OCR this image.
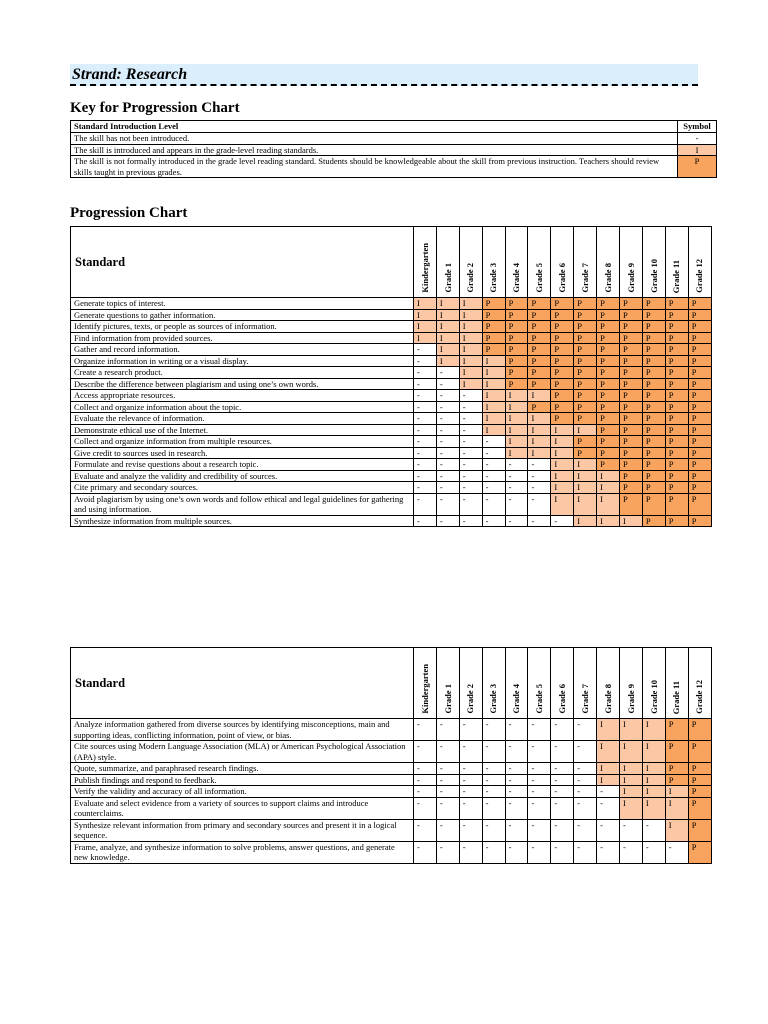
Strand: Research
Key for Progression Chart
Standard Introduction Level	Symbol
The skill has not been introduced.	-
The skill is introduced and appears in the grade-level reading standards.	I
The skill is not formally introduced in the grade level reading standard. Students should be knowledgeable about the skill from previous instruction. Teachers should review skills taught in previous grades.	P
Progression Chart
Standard	Kindergarten	Grade 1	Grade 2	Grade 3	Grade 4	Grade 5	Grade 6	Grade 7	Grade 8	Grade 9	Grade 10	Grade 11	Grade 12

Generate topics of interest.	I	I	I	P	P	P	P	P	P	P	P	P	P
Generate questions to gather information.	I	I	I	P	P	P	P	P	P	P	P	P	P
Identify pictures, texts, or people as sources of information.	I	I	I	P	P	P	P	P	P	P	P	P	P
Find information from provided sources.	I	I	I	P	P	P	P	P	P	P	P	P	P
Gather and record information.	-	I	I	P	P	P	P	P	P	P	P	P	P
Organize information in writing or a visual display.	-	I	I	I	P	P	P	P	P	P	P	P	P
Create a research product.	-	-	I	I	P	P	P	P	P	P	P	P	P
Describe the difference between plagiarism and using one’s own words.	-	-	I	I	P	P	P	P	P	P	P	P	P
Access appropriate resources.	-	-	-	I	I	I	P	P	P	P	P	P	P
Collect and organize information about the topic.	-	-	-	I	I	P	P	P	P	P	P	P	P
Evaluate the relevance of information.	-	-	-	I	I	I	P	P	P	P	P	P	P
Demonstrate ethical use of the Internet.	-	-	-	I	I	I	I	I	P	P	P	P	P
Collect and organize information from multiple resources.	-	-	-	-	I	I	I	P	P	P	P	P	P
Give credit to sources used in research.	-	-	-	-	I	I	I	P	P	P	P	P	P
Formulate and revise questions about a research topic.	-	-	-	-	-	-	I	I	P	P	P	P	P
Evaluate and analyze the validity and credibility of sources.	-	-	-	-	-	-	I	I	I	P	P	P	P
Cite primary and secondary sources.	-	-	-	-	-	-	I	I	I	P	P	P	P
Avoid plagiarism by using one’s own words and follow ethical and legal guidelines for gathering and using information.	-	-	-	-	-	-	I	I	I	P	P	P	P
Synthesize information from multiple sources.	-	-	-	-	-	-	-	I	I	I	P	P	P
Standard	Kindergarten	Grade 1	Grade 2	Grade 3	Grade 4	Grade 5	Grade 6	Grade 7	Grade 8	Grade 9	Grade 10	Grade 11	Grade 12

Analyze information gathered from diverse sources by identifying misconceptions, main and supporting ideas, conflicting information, point of view, or bias.	-	-	-	-	-	-	-	-	I	I	I	P	P
Cite sources using Modern Language Association (MLA) or American Psychological Association (APA) style.	-	-	-	-	-	-	-	-	I	I	I	P	P
Quote, summarize, and paraphrased research findings.	-	-	-	-	-	-	-	-	I	I	I	P	P
Publish findings and respond to feedback.	-	-	-	-	-	-	-	-	I	I	I	P	P
Verify the validity and accuracy of all information.	-	-	-	-	-	-	-	-	-	I	I	I	P
Evaluate and select evidence from a variety of sources to support claims and introduce counterclaims.	-	-	-	-	-	-	-	-	-	I	I	I	P
Synthesize relevant information from primary and secondary sources and present it in a logical sequence.	-	-	-	-	-	-	-	-	-	-	-	I	P
Frame, analyze, and synthesize information to solve problems, answer questions, and generate new knowledge.	-	-	-	-	-	-	-	-	-	-	-	-	P
